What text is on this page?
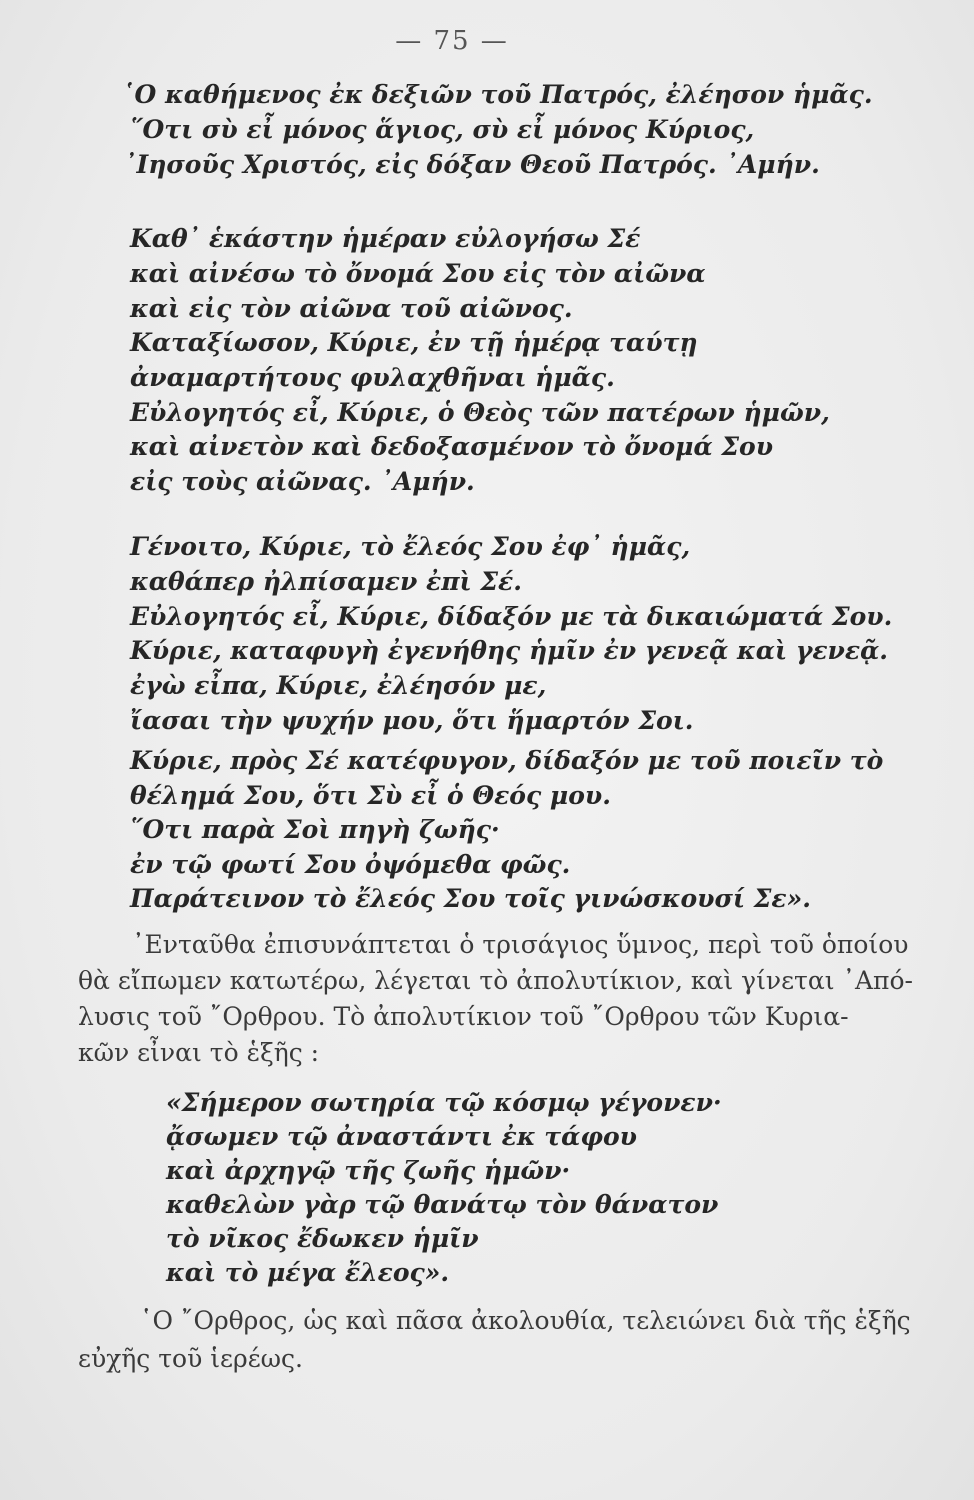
— 75 —
῾Ο καθήμενος ἐκ δεξιῶν τοῦ Πατρός, ἐλέησον ἡμᾶς.
῞Οτι σὺ εἶ μόνος ἅγιος, σὺ εἶ μόνος Κύριος,
᾿Ιησοῦς Χριστός, εἰς δόξαν Θεοῦ Πατρός. ᾿Αμήν.
Καθ᾿ ἑκάστην ἡμέραν εὐλογήσω Σέ
καὶ αἰνέσω τὸ ὄνομά Σου εἰς τὸν αἰῶνα
καὶ εἰς τὸν αἰῶνα τοῦ αἰῶνος.
Καταξίωσον, Κύριε, ἐν τῇ ἡμέρᾳ ταύτῃ
ἀναμαρτήτους φυλαχθῆναι ἡμᾶς.
Εὐλογητός εἶ, Κύριε, ὁ Θεὸς τῶν πατέρων ἡμῶν,
καὶ αἰνετὸν καὶ δεδοξασμένον τὸ ὄνομά Σου
εἰς τοὺς αἰῶνας. ᾿Αμήν.
Γένοιτο, Κύριε, τὸ ἔλεός Σου ἐφ᾿ ἡμᾶς,
καθάπερ ἠλπίσαμεν ἐπὶ Σέ.
Εὐλογητός εἶ, Κύριε, δίδαξόν με τὰ δικαιώματά Σου.
Κύριε, καταφυγὴ ἐγενήθης ἡμῖν ἐν γενεᾷ καὶ γενεᾷ.
ἐγὼ εἶπα, Κύριε, ἐλέησόν με,
ἴασαι τὴν ψυχήν μου, ὅτι ἥμαρτόν Σοι.
Κύριε, πρὸς Σέ κατέφυγον, δίδαξόν με τοῦ ποιεῖν τὸ
θέλημά Σου, ὅτι Σὺ εἶ ὁ Θεός μου.
῞Οτι παρὰ Σοὶ πηγὴ ζωῆς·
ἐν τῷ φωτί Σου ὀψόμεθα φῶς.
Παράτεινον τὸ ἔλεός Σου τοῖς γινώσκουσί Σε».
᾿Ενταῦθα ἐπισυνάπτεται ὁ τρισάγιος ὕμνος, περὶ τοῦ ὁποίου
θὰ εἴπωμεν κατωτέρω, λέγεται τὸ ἀπολυτίκιον, καὶ γίνεται ᾿Από-
λυσις τοῦ ῎Ορθρου. Τὸ ἀπολυτίκιον τοῦ ῎Ορθρου τῶν Κυρια-
κῶν εἶναι τὸ ἑξῆς :
«Σήμερον σωτηρία τῷ κόσμῳ γέγονεν·
ᾄσωμεν τῷ ἀναστάντι ἐκ τάφου
καὶ ἀρχηγῷ τῆς ζωῆς ἡμῶν·
καθελὼν γὰρ τῷ θανάτῳ τὸν θάνατον
τὸ νῖκος ἔδωκεν ἡμῖν
καὶ τὸ μέγα ἔλεος».
῾Ο ῎Ορθρος, ὡς καὶ πᾶσα ἀκολουθία, τελειώνει διὰ τῆς ἑξῆς
εὐχῆς τοῦ ἱερέως.
